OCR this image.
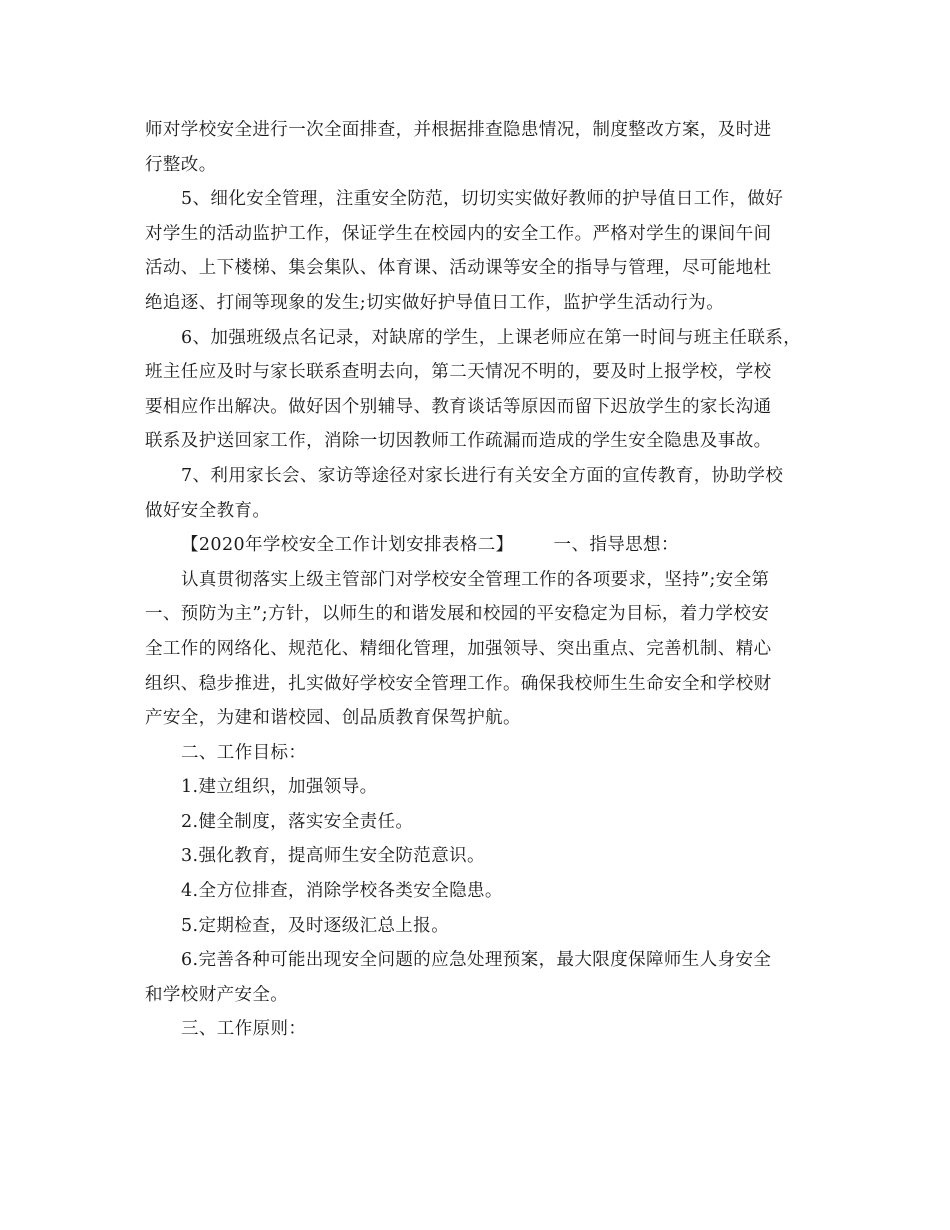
师对学校安全进行一次全面排查，并根据排查隐患情况，制度整改方案，及时进

行整改。

5、细化安全管理，注重安全防范，切切实实做好教师的护导值日工作，做好

对学生的活动监护工作，保证学生在校园内的安全工作。严格对学生的课间午间

活动、上下楼梯、集会集队、体育课、活动课等安全的指导与管理，尽可能地杜

绝追逐、打闹等现象的发生;切实做好护导值日工作，监护学生活动行为。

6、加强班级点名记录，对缺席的学生，上课老师应在第一时间与班主任联系，

班主任应及时与家长联系查明去向，第二天情况不明的，要及时上报学校，学校

要相应作出解决。做好因个别辅导、教育谈话等原因而留下迟放学生的家长沟通

联系及护送回家工作，消除一切因教师工作疏漏而造成的学生安全隐患及事故。

7、利用家长会、家访等途径对家长进行有关安全方面的宣传教育，协助学校

做好安全教育。

【2020年学校安全工作计划安排表格二】 一、指导思想：

认真贯彻落实上级主管部门对学校安全管理工作的各项要求，坚持”;安全第

一、预防为主”;方针，以师生的和谐发展和校园的平安稳定为目标，着力学校安

全工作的网络化、规范化、精细化管理，加强领导、突出重点、完善机制、精心

组织、稳步推进，扎实做好学校安全管理工作。确保我校师生生命安全和学校财

产安全，为建和谐校园、创品质教育保驾护航。

二、工作目标：

1.建立组织，加强领导。

2.健全制度，落实安全责任。

3.强化教育，提高师生安全防范意识。

4.全方位排查，消除学校各类安全隐患。

5.定期检查，及时逐级汇总上报。

6.完善各种可能出现安全问题的应急处理预案，最大限度保障师生人身安全

和学校财产安全。

三、工作原则：
